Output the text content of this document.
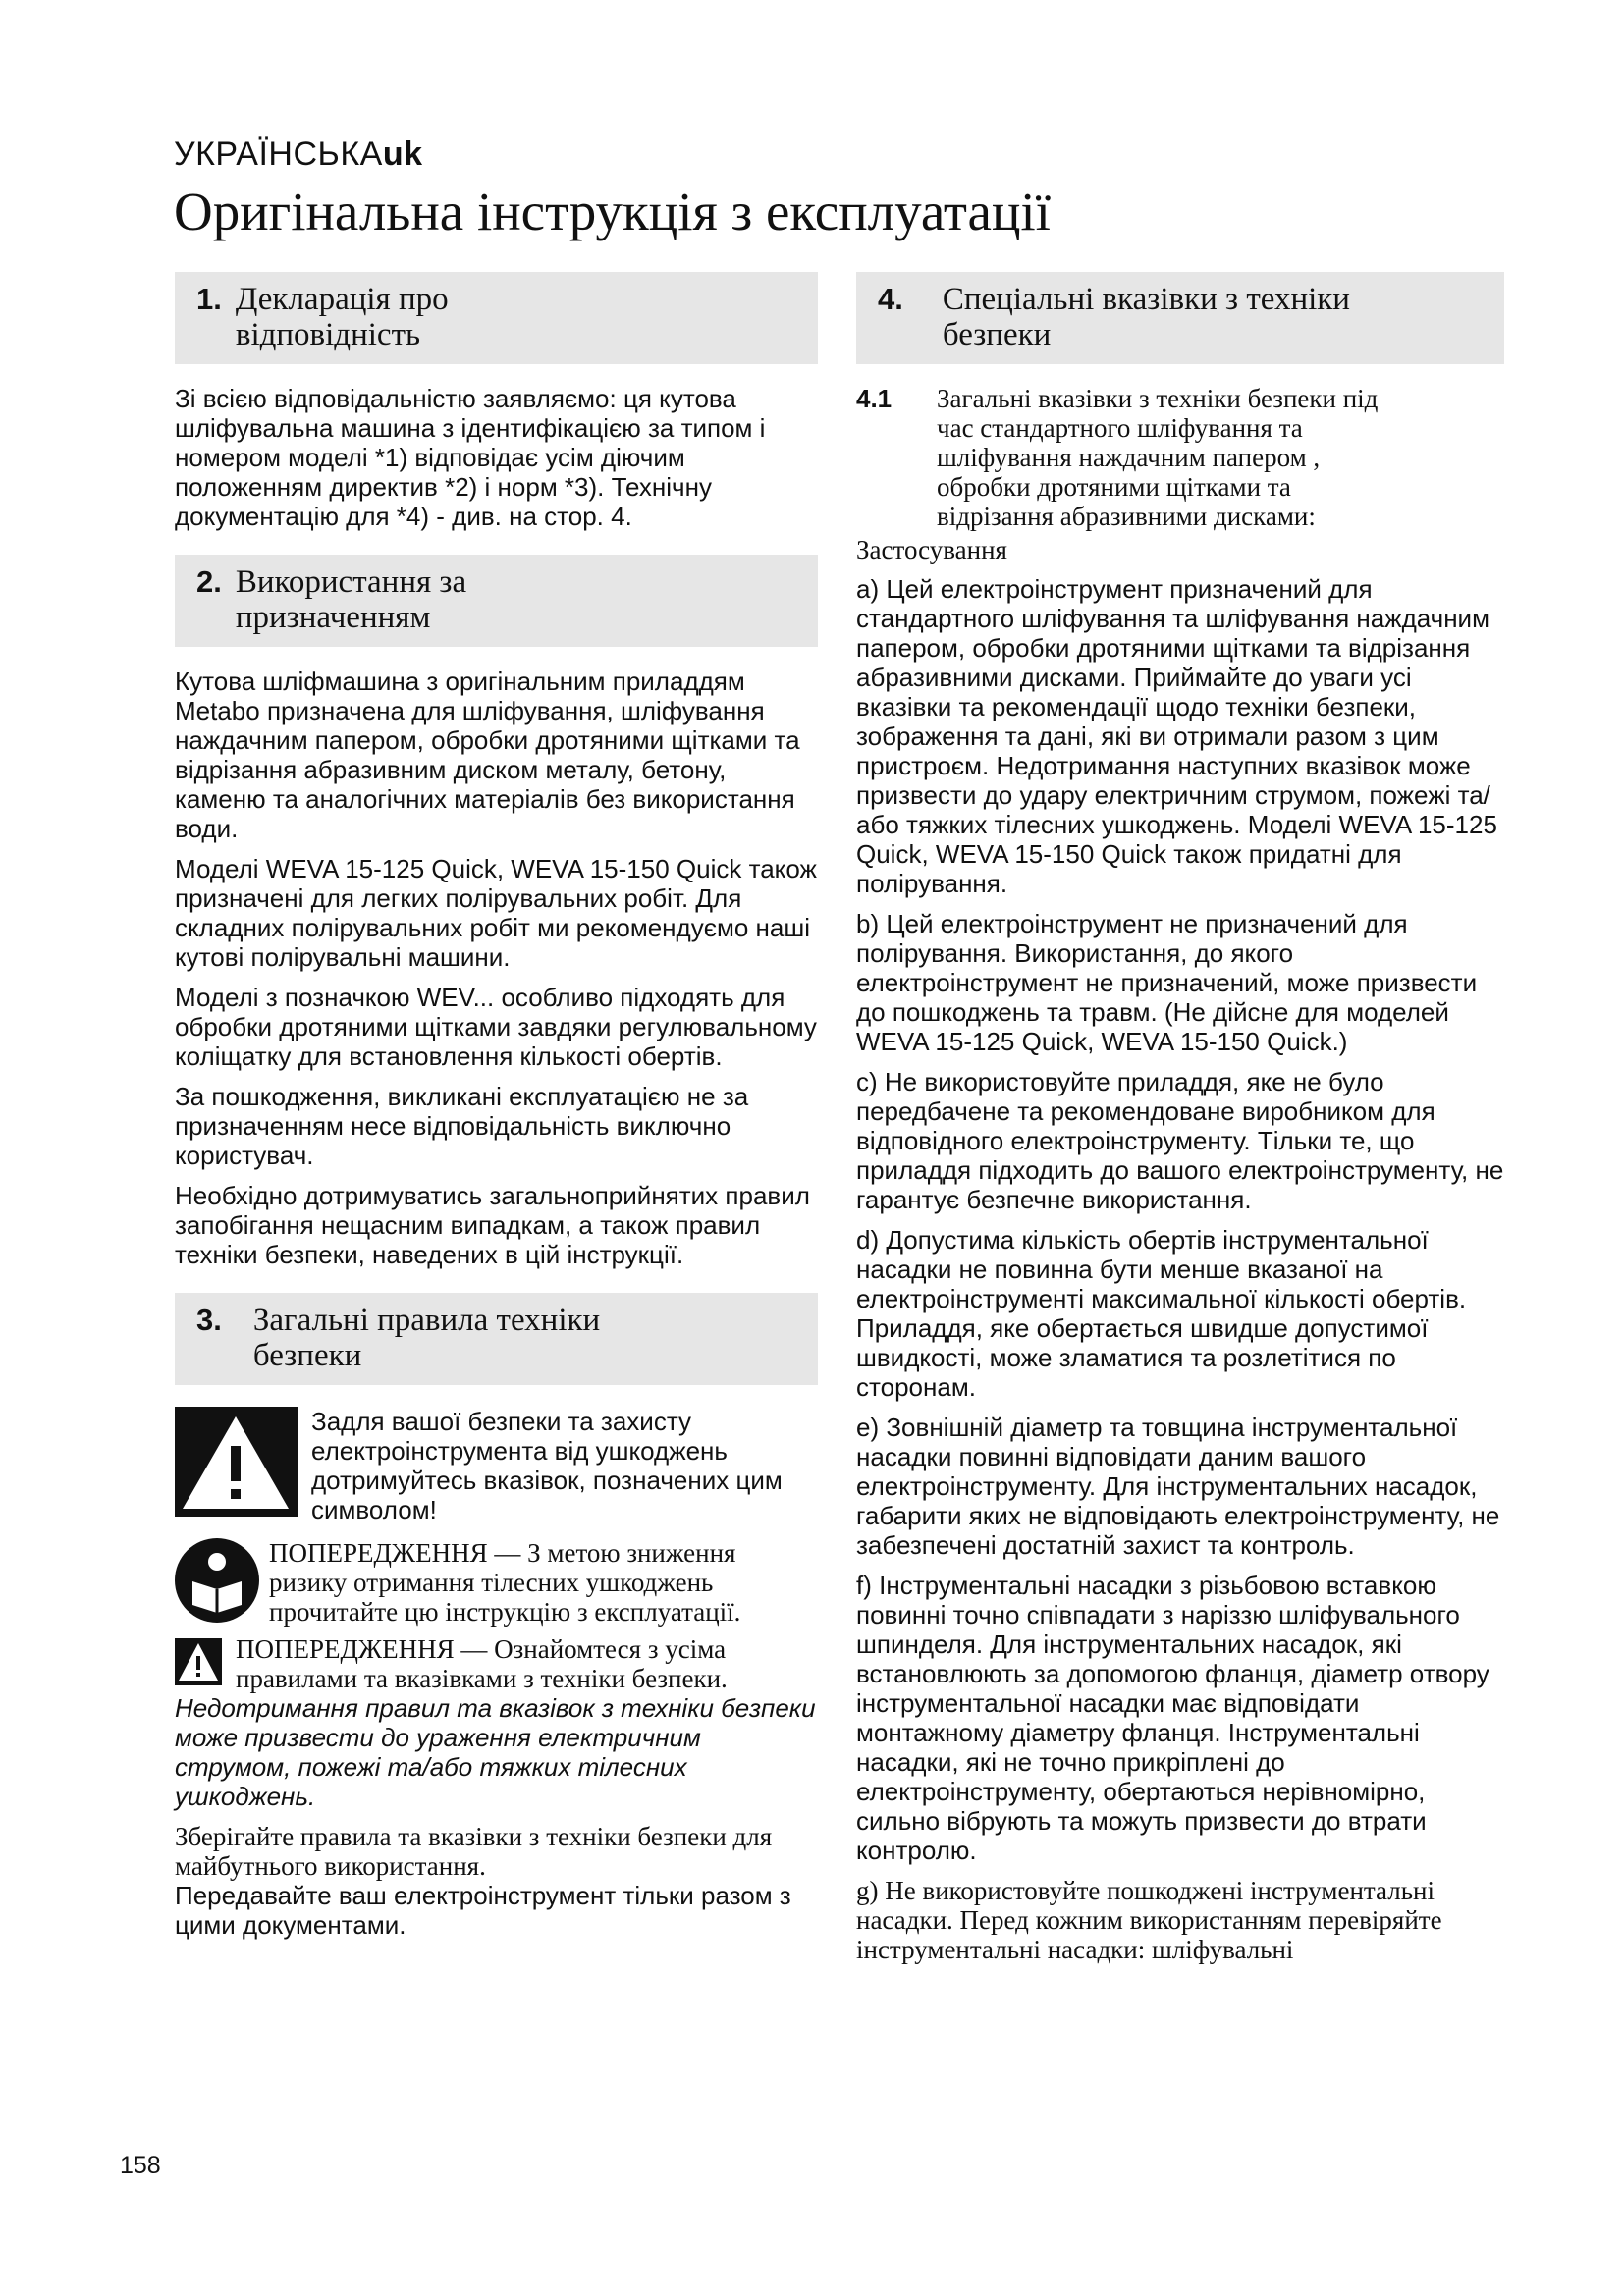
УКРАЇНСЬКАuk
Оригінальна інструкція з експлуатації
1. Декларація про відповідність

Зі всією відповідальністю заявляємо: ця кутова шліфувальна машина з ідентифікацією за типом і номером моделі *1) відповідає усім діючим положенням директив *2) і норм *3). Технічну документацію для *4) - див. на стор. 4.

2. Використання за призначенням

Кутова шліфмашина з оригінальним приладдям Metabo призначена для шліфування, шліфування наждачним папером, обробки дротяними щітками та відрізання абразивним диском металу, бетону, каменю та аналогічних матеріалів без використання води.

Моделі WEVA 15-125 Quick, WEVA 15-150 Quick також призначені для легких полірувальних робіт. Для складних полірувальних робіт ми рекомендуємо наші кутові полірувальні машини.

Моделі з позначкою WEV... особливо підходять для обробки дротяними щітками завдяки регулювальному коліщатку для встановлення кількості обертів.

За пошкодження, викликані експлуатацією не за призначенням несе відповідальність виключно користувач.

Необхідно дотримуватись загальноприйнятих правил запобігання нещасним випадкам, а також правил техніки безпеки, наведених в цій інструкції.

3. Загальні правила техніки безпеки

Задля вашої безпеки та захисту електроінструмента від ушкоджень дотримуйтесь вказівок, позначених цим символом!

ПОПЕРЕДЖЕННЯ — З метою зниження ризику отримання тілесних ушкоджень прочитайте цю інструкцію з експлуатації.

ПОПЕРЕДЖЕННЯ — Ознайомтеся з усіма правилами та вказівками з техніки безпеки. Недотримання правил та вказівок з техніки безпеки може призвести до ураження електричним струмом, пожежі та/або тяжких тілесних ушкоджень.

Зберігайте правила та вказівки з техніки безпеки для майбутнього використання.

Передавайте ваш електроінструмент тільки разом з цими документами.

4. Спеціальні вказівки з техніки безпеки
4.1	Загальні вказівки з техніки безпеки під час стандартного шліфування та шліфування наждачним папером , обробки дротяними щітками та відрізання абразивними дисками:

Застосування

a) Цей електроінструмент призначений для стандартного шліфування та шліфування наждачним папером, обробки дротяними щітками та відрізання абразивними дисками. Приймайте до уваги усі вказівки та рекомендації щодо техніки безпеки, зображення та дані, які ви отримали разом з цим пристроєм. Недотримання наступних вказівок може призвести до удару електричним струмом, пожежі та/або тяжких тілесних ушкоджень. Моделі WEVA 15-125 Quick, WEVA 15-150 Quick також придатні для полірування.

b) Цей електроінструмент не призначений для полірування. Використання, до якого електроінструмент не призначений, може призвести до пошкоджень та травм. (Не дійсне для моделей WEVA 15-125 Quick, WEVA 15-150 Quick.)

c) Не використовуйте приладдя, яке не було передбачене та рекомендоване виробником для відповідного електроінструменту. Тільки те, що приладдя підходить до вашого електроінструменту, не гарантує безпечне використання.

d) Допустима кількість обертів інструментальної насадки не повинна бути менше вказаної на електроінструменті максимальної кількості обертів. Приладдя, яке обертається швидше допустимої швидкості, може зламатися та розлетітися по сторонам.

e) Зовнішній діаметр та товщина інструментальної насадки повинні відповідати даним вашого електроінструменту. Для інструментальних насадок, габарити яких не відповідають електроінструменту, не забезпечені достатній захист та контроль.

f) Інструментальні насадки з різьбовою вставкою повинні точно співпадати з наріззю шліфувального шпинделя. Для інструментальних насадок, які встановлюють за допомогою фланця, діаметр отвору інструментальної насадки має відповідати монтажному діаметру фланця. Інструментальні насадки, які не точно прикріплені до електроінструменту, обертаються нерівномірно, сильно вібрують та можуть призвести до втрати контролю.

g) Не використовуйте пошкоджені інструментальні насадки. Перед кожним використанням перевіряйте інструментальні насадки: шліфувальні

158
